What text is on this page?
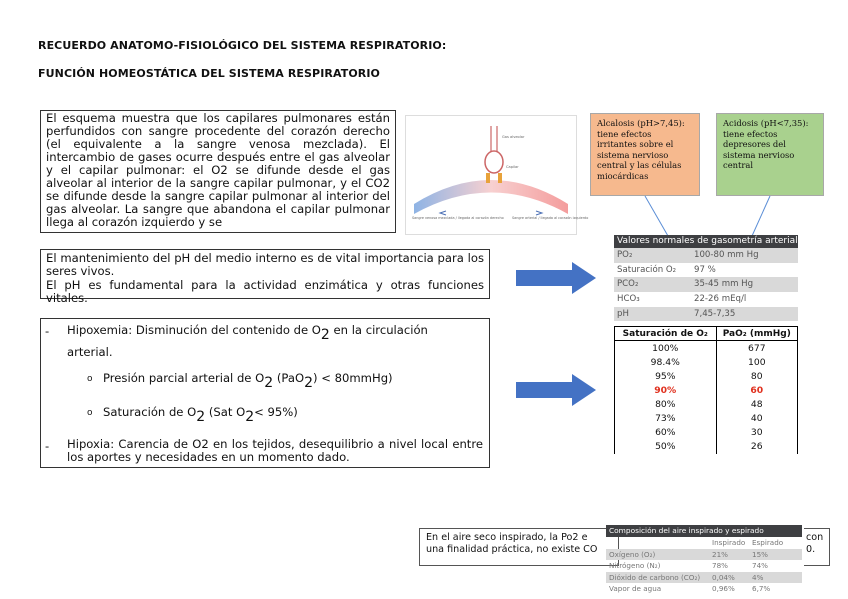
RECUERDO ANATOMO-FISIOLÓGICO DEL SISTEMA RESPIRATORIO:
FUNCIÓN HOMEOSTÁTICA DEL SISTEMA RESPIRATORIO

El esquema muestra que los capilares pulmonares están perfundidos con sangre procedente del corazón derecho (el equivalente a la sangre venosa mezclada). El intercambio de gases ocurre después entre el gas alveolar y el capilar pulmonar: el O2 se difunde desde el gas alveolar al interior de la sangre capilar pulmonar, y el CO2 se difunde desde la sangre capilar pulmonar al interior del gas alveolar. La sangre que abandona el capilar pulmonar llega al corazón izquierdo y se

Gas alveolar
Capilar
Sangre venosa mezclada / llegada al corazón derecho Sangre arterial / llegada al corazón izquierdo
Alcalosis (pH>7,45): tiene efectos irritantes sobre el sistema nervioso central y las células miocárdicas
Acidosis (pH<7,35): tiene efectos depresores del sistema nervioso central

El mantenimiento del pH del medio interno es de vital importancia para los seres vivos.

El pH es fundamental para la actividad enzimática y otras funciones vitales.

- Hipoxemia: Disminución del contenido de $O_2$ en la circulación
arterial.
o Presión parcial arterial de $O_2$ (PaO$_2$) < 80mmHg)
o Saturación de $O_2$ (Sat $O_2< 95\%$)
- Hipoxia: Carencia de O2 en los tejidos, desequilibrio a nivel local entre los aportes y necesidades en un momento dado.
Valores normales de gasometría arterial
PO₂	100-80 mm Hg
Saturación O₂ 97 %
PCO₂	35-45 mm Hg
HCO₃	22-26 mEq/l
pH	7,45-7,35
Saturación de O₂	PaO₂ (mmHg)
100%	677
98.4%	100
95%	80
90%	60
80%	48
73%	40
60%	30
50%	26

En el aire seco inspirado, la Po2 e

una finalidad práctica, no existe CO

con

0.

Composición del aire inspirado y espirado
Inspirado Espirado
Oxígeno (O₂)	21%	15%
Nitrógeno (N₂)	78%	74%
Dióxido de carbono (CO₂) 0,04% 4%
Vapor de agua	0,96% 6,7%
